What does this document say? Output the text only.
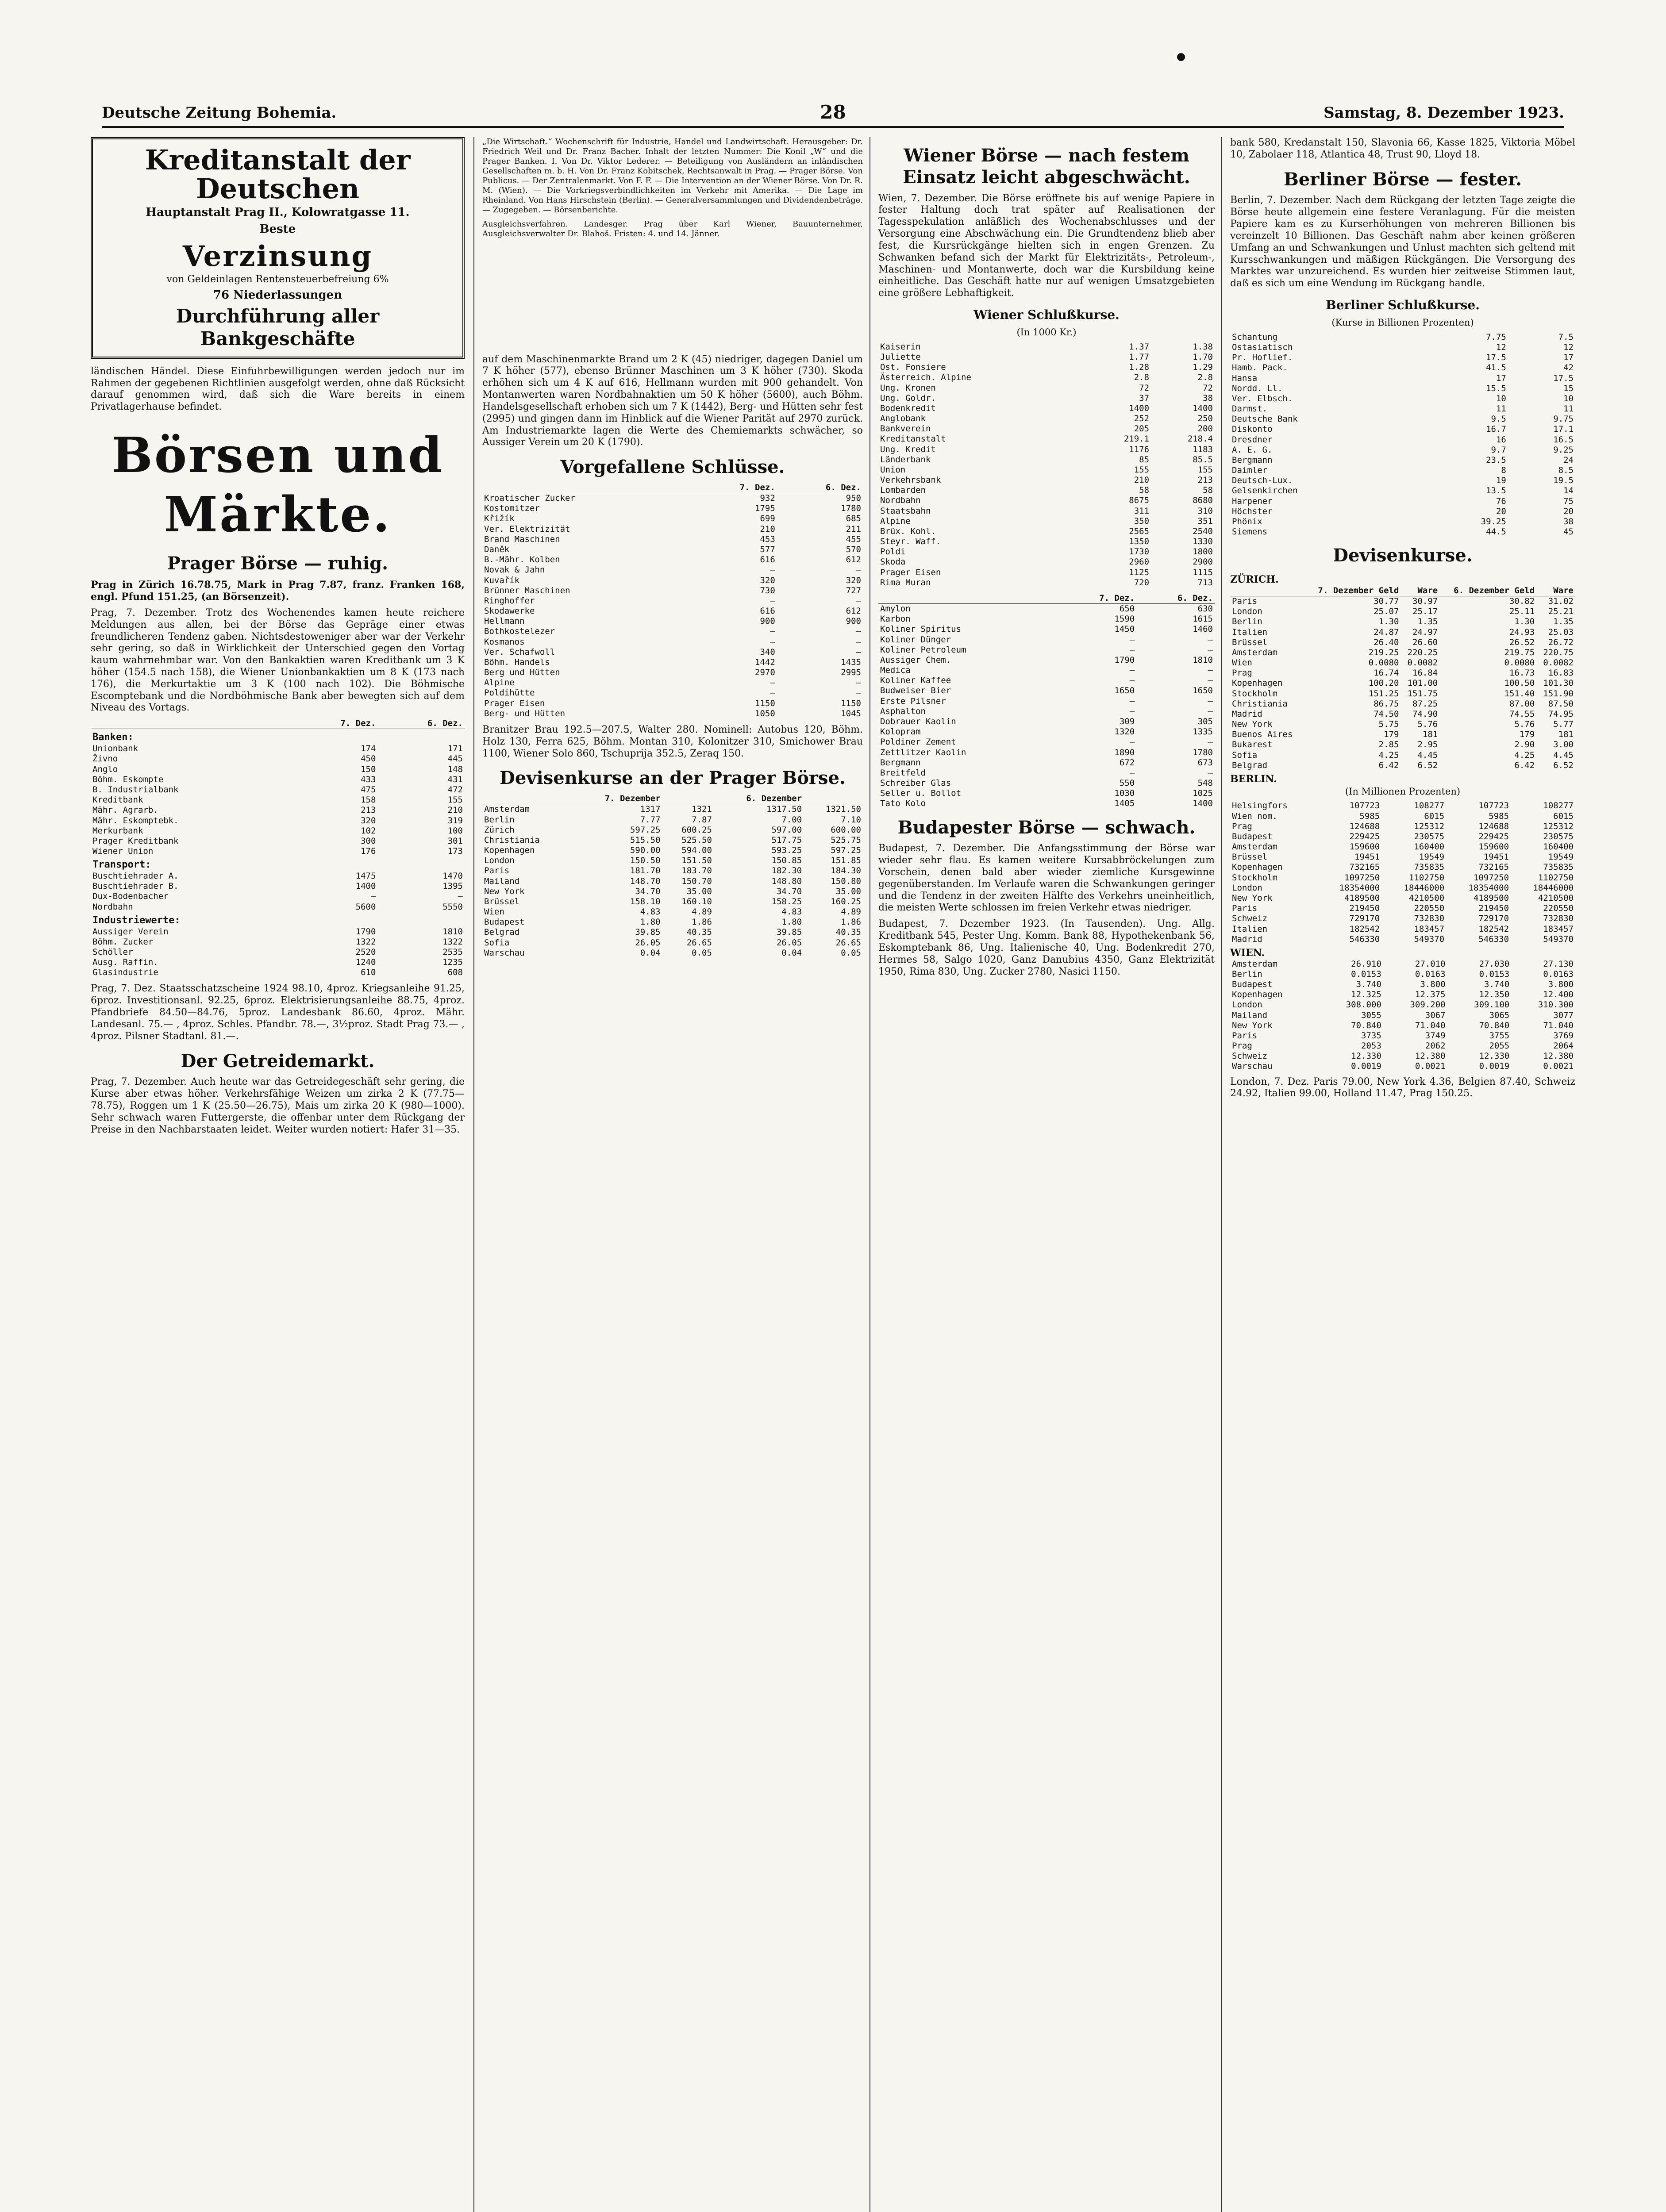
Deutsche Zeitung Bohemia.	28	Samstag, 8. Dezember 1923.
Kreditanstalt der Deutschen
Hauptanstalt Prag II., Kolowratgasse 11.
Beste
Verzinsung
von Geldeinlagen Rentensteuerbefreiung 6%
76 Niederlassungen
Durchführung aller Bankgeschäfte

ländischen Händel. Diese Einfuhrbewilligungen werden jedoch nur im Rahmen der gegebenen Richtlinien ausgefolgt werden, ohne daß Rücksicht darauf genommen wird, daß sich die Ware bereits in einem Privatlagerhause befindet.

Börsen und Märkte.
Prager Börse — ruhig.

Prag in Zürich 16.78.75, Mark in Prag 7.87, franz. Franken 168, engl. Pfund 151.25, (an Börsenzeit).

Prag, 7. Dezember. Trotz des Wochenendes kamen heute reichere Meldungen aus allen, bei der Börse das Gepräge einer etwas freundlicheren Tendenz gaben. Nichtsdestoweniger aber war der Verkehr sehr gering, so daß in Wirklichkeit der Unterschied gegen den Vortag kaum wahrnehmbar war. Von den Bankaktien waren Kreditbank um 3 K höher (154.5 nach 158), die Wiener Unionbankaktien um 8 K (173 nach 176), die Merkurtaktie um 3 K (100 nach 102). Die Böhmische Escomptebank und die Nordböhmische Bank aber bewegten sich auf dem Niveau des Vortags.

	7. Dez.	6. Dez.
Banken:		
Unionbank	174	171
Živno	450	445
Anglo	150	148
Böhm. Eskompte	433	431
B. Industrialbank	475	472
Kreditbank	158	155
Mähr. Agrarb.	213	210
Mähr. Eskomptebk.	320	319
Merkurbank	102	100
Prager Kreditbank	300	301
Wiener Union	176	173
Transport:		
Buschtiehrader A.	1475	1470
Buschtiehrader B.	1400	1395
Dux-Bodenbacher	—	—
Nordbahn	5600	5550
Industriewerte:		
Aussiger Verein	1790	1810
Böhm. Zucker	1322	1322
Schöller	2520	2535
Ausg. Raffin.	1240	1235
Glasindustrie	610	608

Prag, 7. Dez. Staatsschatzscheine 1924 98.10, 4proz. Kriegsanleihe 91.25, 6proz. Investitionsanl. 92.25, 6proz. Elektrisierungsanleihe 88.75, 4proz. Pfandbriefe 84.50—84.76, 5proz. Landesbank 86.60, 4proz. Mähr. Landesanl. 75.— , 4proz. Schles. Pfandbr. 78.—, 3½proz. Stadt Prag 73.— , 4proz. Pilsner Stadtanl. 81.—.

Der Getreidemarkt.

Prag, 7. Dezember. Auch heute war das Getreidegeschäft sehr gering, die Kurse aber etwas höher. Verkehrsfähige Weizen um zirka 2 K (77.75—78.75), Roggen um 1 K (25.50—26.75), Mais um zirka 20 K (980—1000). Sehr schwach waren Futtergerste, die offenbar unter dem Rückgang der Preise in den Nachbarstaaten leidet. Weiter wurden notiert: Hafer 31—35.

„Die Wirtschaft.“ Wochenschrift für Industrie, Handel und Landwirtschaft. Herausgeber: Dr. Friedrich Weil und Dr. Franz Bacher. Inhalt der letzten Nummer: Die Konil „W“ und die Prager Banken. I. Von Dr. Viktor Lederer. — Beteiligung von Ausländern an inländischen Gesellschaften m. b. H. Von Dr. Franz Kobitschek, Rechtsanwalt in Prag. — Prager Börse. Von Publicus. — Der Zentralenmarkt. Von F. F. — Die Intervention an der Wiener Börse. Von Dr. R. M. (Wien). — Die Vorkriegsverbindlichkeiten im Verkehr mit Amerika. — Die Lage im Rheinland. Von Hans Hirschstein (Berlin). — Generalversammlungen und Dividendenbeträge. — Zugegeben. — Börsenberichte.

Ausgleichsverfahren. Landesger. Prag über Karl Wiener, Bauunternehmer, Ausgleichsverwalter Dr. Blahoš. Fristen: 4. und 14. Jänner.

auf dem Maschinenmarkte Brand um 2 K (45) niedriger, dagegen Daniel um 7 K höher (577), ebenso Brünner Maschinen um 3 K höher (730). Skoda erhöhen sich um 4 K auf 616, Hellmann wurden mit 900 gehandelt. Von Montanwerten waren Nordbahnaktien um 50 K höher (5600), auch Böhm. Handelsgesellschaft erhoben sich um 7 K (1442), Berg- und Hütten sehr fest (2995) und gingen dann im Hinblick auf die Wiener Parität auf 2970 zurück. Am Industriemarkte lagen die Werte des Chemiemarkts schwächer, so Aussiger Verein um 20 K (1790).

Vorgefallene Schlüsse.
	7. Dez.	6. Dez.
Kroatischer Zucker	932	950
Kostomitzer	1795	1780
Křižík	699	685
Ver. Elektrizität	210	211
Brand Maschinen	453	455
Daněk	577	570
B.-Mähr. Kolben	616	612
Novak & Jahn	—	—
Kuvařík	320	320
Brünner Maschinen	730	727
Ringhoffer	—	—
Skodawerke	616	612
Hellmann	900	900
Bothkostelezer	—	—
Kosmanos	—	—
Ver. Schafwoll	340	—
Böhm. Handels	1442	1435
Berg und Hütten	2970	2995
Alpine	—	—
Poldihütte	—	—
Prager Eisen	1150	1150
Berg- und Hütten	1050	1045

Branitzer Brau 192.5—207.5, Walter 280. Nominell: Autobus 120, Böhm. Holz 130, Ferra 625, Böhm. Montan 310, Kolonitzer 310, Smichower Brau 1100, Wiener Solo 860, Tschuprija 352.5, Zeraq 150.

Devisenkurse an der Prager Börse.
	7. Dezember		6. Dezember	
Amsterdam	1317	1321	1317.50	1321.50
Berlin	7.77	7.87	7.00	7.10
Zürich	597.25	600.25	597.00	600.00
Christiania	515.50	525.50	517.75	525.75
Kopenhagen	590.00	594.00	593.25	597.25
London	150.50	151.50	150.85	151.85
Paris	181.70	183.70	182.30	184.30
Mailand	148.70	150.70	148.80	150.80
New York	34.70	35.00	34.70	35.00
Brüssel	158.10	160.10	158.25	160.25
Wien	4.83	4.89	4.83	4.89
Budapest	1.80	1.86	1.80	1.86
Belgrad	39.85	40.35	39.85	40.35
Sofia	26.05	26.65	26.05	26.65
Warschau	0.04	0.05	0.04	0.05
Wiener Börse — nach festem Einsatz leicht abgeschwächt.

Wien, 7. Dezember. Die Börse eröffnete bis auf wenige Papiere in fester Haltung doch trat später auf Realisationen der Tagesspekulation anläßlich des Wochenabschlusses und der Versorgung eine Abschwächung ein. Die Grundtendenz blieb aber fest, die Kursrückgänge hielten sich in engen Grenzen. Zu Schwanken befand sich der Markt für Elektrizitäts-, Petroleum-, Maschinen- und Montanwerte, doch war die Kursbildung keine einheitliche. Das Geschäft hatte nur auf wenigen Umsatzgebieten eine größere Lebhaftigkeit.

Wiener Schlußkurse.
(In 1000 Kr.)
Kaiserin	1.37	1.38
Juliette	1.77	1.70
Ost. Fonsiere	1.28	1.29
Ästerreich. Alpine	2.8	2.8
Ung. Kronen	72	72
Ung. Goldr.	37	38
Bodenkredit	1400	1400
Anglobank	252	250
Bankverein	205	200
Kreditanstalt	219.1	218.4
Ung. Kredit	1176	1183
Länderbank	85	85.5
Union	155	155
Verkehrsbank	210	213
Lombarden	58	58
Nordbahn	8675	8680
Staatsbahn	311	310
Alpine	350	351
Brüx. Kohl.	2565	2540
Steyr. Waff.	1350	1330
Poldi	1730	1800
Skoda	2960	2900
Prager Eisen	1125	1115
Rima Muran	720	713
	7. Dez.	6. Dez.
Amylon	650	630
Karbon	1590	1615
Koliner Spiritus	1450	1460
Koliner Dünger	—	—
Koliner Petroleum	—	—
Aussiger Chem.	1790	1810
Medica	—	—
Koliner Kaffee	—	—
Budweiser Bier	1650	1650
Erste Pilsner	—	—
Asphalton	—	—
Dobrauer Kaolin	309	305
Kolopram	1320	1335
Poldiner Zement	—	—
Zettlitzer Kaolin	1890	1780
Bergmann	672	673
Breitfeld	—	—
Schreiber Glas	550	548
Seller u. Bollot	1030	1025
Tato Kolo	1405	1400
Budapester Börse — schwach.

Budapest, 7. Dezember. Die Anfangsstimmung der Börse war wieder sehr flau. Es kamen weitere Kursabbröckelungen zum Vorschein, denen bald aber wieder ziemliche Kursgewinne gegenüberstanden. Im Verlaufe waren die Schwankungen geringer und die Tendenz in der zweiten Hälfte des Verkehrs uneinheitlich, die meisten Werte schlossen im freien Verkehr etwas niedriger.

Budapest, 7. Dezember 1923. (In Tausenden). Ung. Allg. Kreditbank 545, Pester Ung. Komm. Bank 88, Hypothekenbank 56, Eskomptebank 86, Ung. Italienische 40, Ung. Bodenkredit 270, Hermes 58, Salgo 1020, Ganz Danubius 4350, Ganz Elektrizität 1950, Rima 830, Ung. Zucker 2780, Nasici 1150.

bank 580, Kredanstalt 150, Slavonia 66, Kasse 1825, Viktoria Möbel 10, Zabolaer 118, Atlantica 48, Trust 90, Lloyd 18.

Berliner Börse — fester.

Berlin, 7. Dezember. Nach dem Rückgang der letzten Tage zeigte die Börse heute allgemein eine festere Veranlagung. Für die meisten Papiere kam es zu Kurserhöhungen von mehreren Billionen bis vereinzelt 10 Billionen. Das Geschäft nahm aber keinen größeren Umfang an und Schwankungen und Unlust machten sich geltend mit Kursschwankungen und mäßigen Rückgängen. Die Versorgung des Marktes war unzureichend. Es wurden hier zeitweise Stimmen laut, daß es sich um eine Wendung im Rückgang handle.

Berliner Schlußkurse.
(Kurse in Billionen Prozenten)
Schantung	7.75	7.5
Ostasiatisch	12	12
Pr. Hoflief.	17.5	17
Hamb. Pack.	41.5	42
Hansa	17	17.5
Nordd. Ll.	15.5	15
Ver. Elbsch.	10	10
Darmst.	11	11
Deutsche Bank	9.5	9.75
Diskonto	16.7	17.1
Dresdner	16	16.5
A. E. G.	9.7	9.25
Bergmann	23.5	24
Daimler	8	8.5
Deutsch-Lux.	19	19.5
Gelsenkirchen	13.5	14
Harpener	76	75
Höchster	20	20
Phönix	39.25	38
Siemens	44.5	45
Devisenkurse.
ZÜRICH.
	7. Dezember Geld	Ware	6. Dezember Geld	Ware
Paris	30.77	30.97	30.82	31.02
London	25.07	25.17	25.11	25.21
Berlin	1.30	1.35	1.30	1.35
Italien	24.87	24.97	24.93	25.03
Brüssel	26.40	26.60	26.52	26.72
Amsterdam	219.25	220.25	219.75	220.75
Wien	0.0080	0.0082	0.0080	0.0082
Prag	16.74	16.84	16.73	16.83
Kopenhagen	100.20	101.00	100.50	101.30
Stockholm	151.25	151.75	151.40	151.90
Christiania	86.75	87.25	87.00	87.50
Madrid	74.50	74.90	74.55	74.95
New York	5.75	5.76	5.76	5.77
Buenos Aires	179	181	179	181
Bukarest	2.85	2.95	2.90	3.00
Sofia	4.25	4.45	4.25	4.45
Belgrad	6.42	6.52	6.42	6.52
BERLIN.
(In Millionen Prozenten)
Helsingfors	107723	108277	107723	108277
Wien nom.	5985	6015	5985	6015
Prag	124688	125312	124688	125312
Budapest	229425	230575	229425	230575
Amsterdam	159600	160400	159600	160400
Brüssel	19451	19549	19451	19549
Kopenhagen	732165	735835	732165	735835
Stockholm	1097250	1102750	1097250	1102750
London	18354000	18446000	18354000	18446000
New York	4189500	4210500	4189500	4210500
Paris	219450	220550	219450	220550
Schweiz	729170	732830	729170	732830
Italien	182542	183457	182542	183457
Madrid	546330	549370	546330	549370
WIEN.
Amsterdam	26.910	27.010	27.030	27.130
Berlin	0.0153	0.0163	0.0153	0.0163
Budapest	3.740	3.800	3.740	3.800
Kopenhagen	12.325	12.375	12.350	12.400
London	308.000	309.200	309.100	310.300
Mailand	3055	3067	3065	3077
New York	70.840	71.040	70.840	71.040
Paris	3735	3749	3755	3769
Prag	2053	2062	2055	2064
Schweiz	12.330	12.380	12.330	12.380
Warschau	0.0019	0.0021	0.0019	0.0021

London, 7. Dez. Paris 79.00, New York 4.36, Belgien 87.40, Schweiz 24.92, Italien 99.00, Holland 11.47, Prag 150.25.
